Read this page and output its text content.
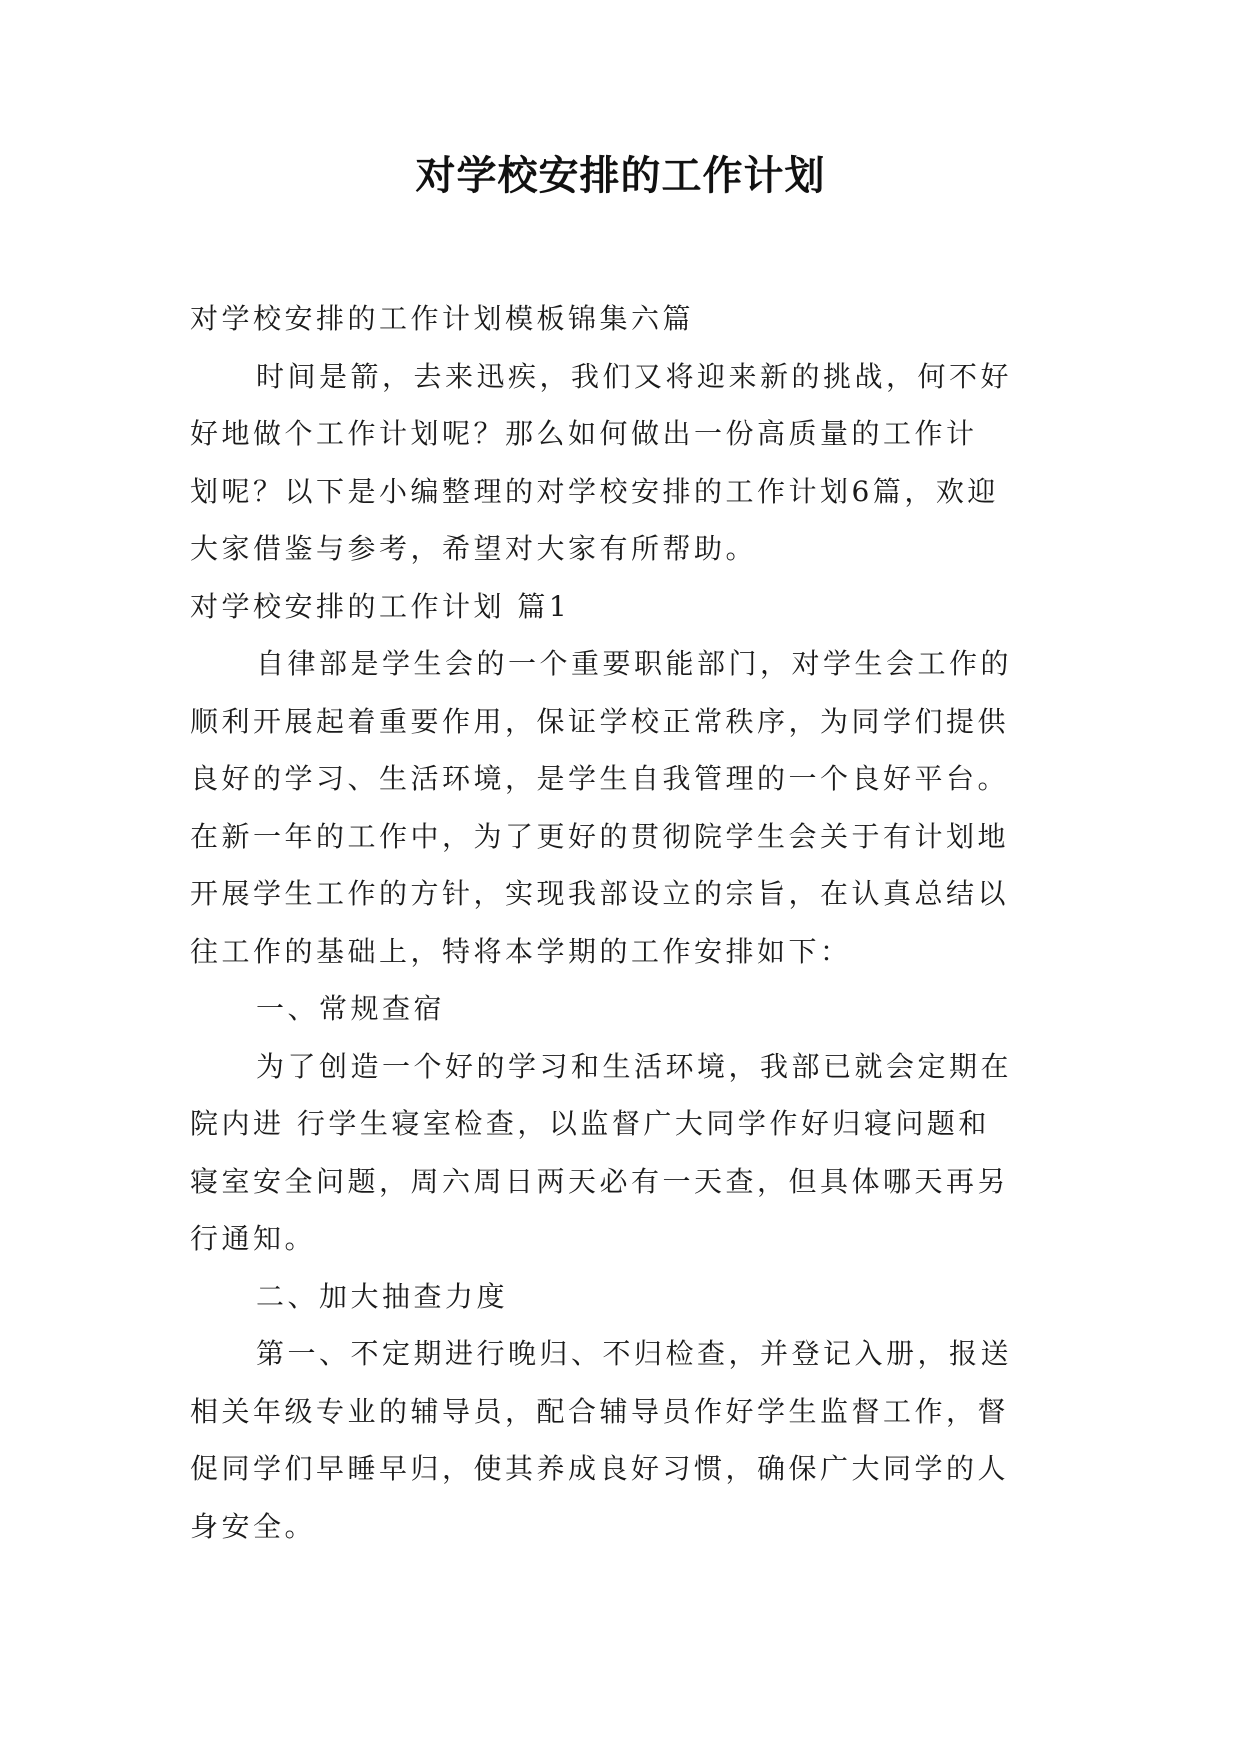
对学校安排的工作计划

对学校安排的工作计划模板锦集六篇

时间是箭，去来迅疾，我们又将迎来新的挑战，何不好

好地做个工作计划呢？那么如何做出一份高质量的工作计

划呢？以下是小编整理的对学校安排的工作计划6篇，欢迎

大家借鉴与参考，希望对大家有所帮助。

对学校安排的工作计划 篇1

自律部是学生会的一个重要职能部门，对学生会工作的

顺利开展起着重要作用，保证学校正常秩序，为同学们提供

良好的学习、生活环境，是学生自我管理的一个良好平台。

在新一年的工作中，为了更好的贯彻院学生会关于有计划地

开展学生工作的方针，实现我部设立的宗旨，在认真总结以

往工作的基础上，特将本学期的工作安排如下：

一、常规查宿

为了创造一个好的学习和生活环境，我部已就会定期在

院内进 行学生寝室检查，以监督广大同学作好归寝问题和

寝室安全问题，周六周日两天必有一天查，但具体哪天再另

行通知。

二、加大抽查力度

第一、不定期进行晚归、不归检查，并登记入册，报送

相关年级专业的辅导员，配合辅导员作好学生监督工作，督

促同学们早睡早归，使其养成良好习惯，确保广大同学的人

身安全。
